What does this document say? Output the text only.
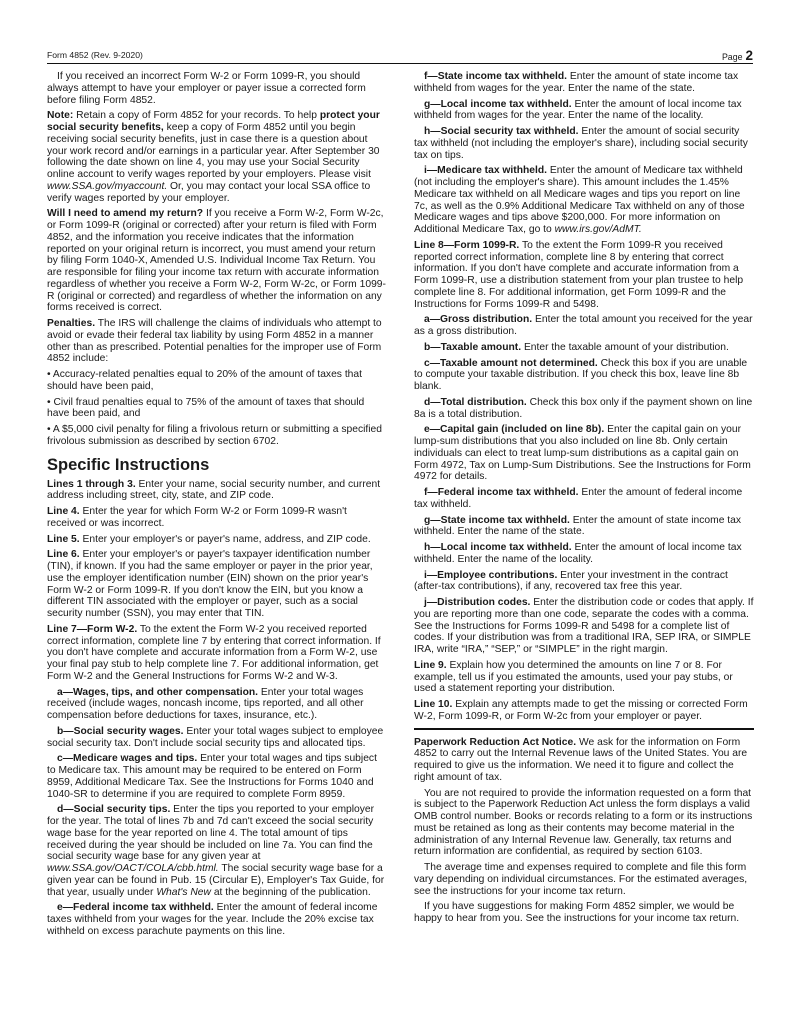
Form 4852 (Rev. 9-2020)	Page 2

If you received an incorrect Form W-2 or Form 1099-R, you should always attempt to have your employer or payer issue a corrected form before filing Form 4852.

Note: Retain a copy of Form 4852 for your records. To help protect your social security benefits, keep a copy of Form 4852 until you begin receiving social security benefits, just in case there is a question about your work record and/or earnings in a particular year. After September 30 following the date shown on line 4, you may use your Social Security online account to verify wages reported by your employers. Please visit www.SSA.gov/myaccount. Or, you may contact your local SSA office to verify wages reported by your employer.

Will I need to amend my return? If you receive a Form W-2, Form W-2c, or Form 1099-R (original or corrected) after your return is filed with Form 4852, and the information you receive indicates that the information reported on your original return is incorrect, you must amend your return by filing Form 1040-X, Amended U.S. Individual Income Tax Return. You are responsible for filing your income tax return with accurate information regardless of whether you receive a Form W-2, Form W-2c, or Form 1099-R (original or corrected) and regardless of whether the information on any forms received is correct.

Penalties. The IRS will challenge the claims of individuals who attempt to avoid or evade their federal tax liability by using Form 4852 in a manner other than as prescribed. Potential penalties for the improper use of Form 4852 include:

• Accuracy-related penalties equal to 20% of the amount of taxes that should have been paid,

• Civil fraud penalties equal to 75% of the amount of taxes that should have been paid, and

• A $5,000 civil penalty for filing a frivolous return or submitting a specified frivolous submission as described by section 6702.

Specific Instructions

Lines 1 through 3. Enter your name, social security number, and current address including street, city, state, and ZIP code.

Line 4. Enter the year for which Form W-2 or Form 1099-R wasn't received or was incorrect.

Line 5. Enter your employer's or payer's name, address, and ZIP code.

Line 6. Enter your employer's or payer's taxpayer identification number (TIN), if known. If you had the same employer or payer in the prior year, use the employer identification number (EIN) shown on the prior year's Form W-2 or Form 1099-R. If you don't know the EIN, but you know a different TIN associated with the employer or payer, such as a social security number (SSN), you may enter that TIN.

Line 7—Form W-2. To the extent the Form W-2 you received reported correct information, complete line 7 by entering that correct information. If you don't have complete and accurate information from a Form W-2, use your final pay stub to help complete line 7. For additional information, get Form W-2 and the General Instructions for Forms W-2 and W-3.

a—Wages, tips, and other compensation. Enter your total wages received (include wages, noncash income, tips reported, and all other compensation before deductions for taxes, insurance, etc.).

b—Social security wages. Enter your total wages subject to employee social security tax. Don't include social security tips and allocated tips.

c—Medicare wages and tips. Enter your total wages and tips subject to Medicare tax. This amount may be required to be entered on Form 8959, Additional Medicare Tax. See the Instructions for Forms 1040 and 1040-SR to determine if you are required to complete Form 8959.

d—Social security tips. Enter the tips you reported to your employer for the year. The total of lines 7b and 7d can't exceed the social security wage base for the year reported on line 4. The total amount of tips received during the year should be included on line 7a. You can find the social security wage base for any given year at www.SSA.gov/OACT/COLA/cbb.html. The social security wage base for a given year can be found in Pub. 15 (Circular E), Employer's Tax Guide, for that year, usually under What's New at the beginning of the publication.

e—Federal income tax withheld. Enter the amount of federal income taxes withheld from your wages for the year. Include the 20% excise tax withheld on excess parachute payments on this line.

f—State income tax withheld. Enter the amount of state income tax withheld from wages for the year. Enter the name of the state.

g—Local income tax withheld. Enter the amount of local income tax withheld from wages for the year. Enter the name of the locality.

h—Social security tax withheld. Enter the amount of social security tax withheld (not including the employer's share), including social security tax on tips.

i—Medicare tax withheld. Enter the amount of Medicare tax withheld (not including the employer's share). This amount includes the 1.45% Medicare tax withheld on all Medicare wages and tips you report on line 7c, as well as the 0.9% Additional Medicare Tax withheld on any of those Medicare wages and tips above $200,000. For more information on Additional Medicare Tax, go to www.irs.gov/AdMT.

Line 8—Form 1099-R. To the extent the Form 1099-R you received reported correct information, complete line 8 by entering that correct information. If you don't have complete and accurate information from a Form 1099-R, use a distribution statement from your plan trustee to help complete line 8. For additional information, get Form 1099-R and the Instructions for Forms 1099-R and 5498.

a—Gross distribution. Enter the total amount you received for the year as a gross distribution.

b—Taxable amount. Enter the taxable amount of your distribution.

c—Taxable amount not determined. Check this box if you are unable to compute your taxable distribution. If you check this box, leave line 8b blank.

d—Total distribution. Check this box only if the payment shown on line 8a is a total distribution.

e—Capital gain (included on line 8b). Enter the capital gain on your lump-sum distributions that you also included on line 8b. Only certain individuals can elect to treat lump-sum distributions as a capital gain on Form 4972, Tax on Lump-Sum Distributions. See the Instructions for Form 4972 for details.

f—Federal income tax withheld. Enter the amount of federal income tax withheld.

g—State income tax withheld. Enter the amount of state income tax withheld. Enter the name of the state.

h—Local income tax withheld. Enter the amount of local income tax withheld. Enter the name of the locality.

i—Employee contributions. Enter your investment in the contract (after-tax contributions), if any, recovered tax free this year.

j—Distribution codes. Enter the distribution code or codes that apply. If you are reporting more than one code, separate the codes with a comma. See the Instructions for Forms 1099-R and 5498 for a complete list of codes. If your distribution was from a traditional IRA, SEP IRA, or SIMPLE IRA, write “IRA,” “SEP,” or “SIMPLE” in the right margin.

Line 9. Explain how you determined the amounts on line 7 or 8. For example, tell us if you estimated the amounts, used your pay stubs, or used a statement reporting your distribution.

Line 10. Explain any attempts made to get the missing or corrected Form W-2, Form 1099-R, or Form W-2c from your employer or payer.

Paperwork Reduction Act Notice. We ask for the information on Form 4852 to carry out the Internal Revenue laws of the United States. You are required to give us the information. We need it to figure and collect the right amount of tax.

You are not required to provide the information requested on a form that is subject to the Paperwork Reduction Act unless the form displays a valid OMB control number. Books or records relating to a form or its instructions must be retained as long as their contents may become material in the administration of any Internal Revenue law. Generally, tax returns and return information are confidential, as required by section 6103.

The average time and expenses required to complete and file this form vary depending on individual circumstances. For the estimated averages, see the instructions for your income tax return.

If you have suggestions for making Form 4852 simpler, we would be happy to hear from you. See the instructions for your income tax return.
